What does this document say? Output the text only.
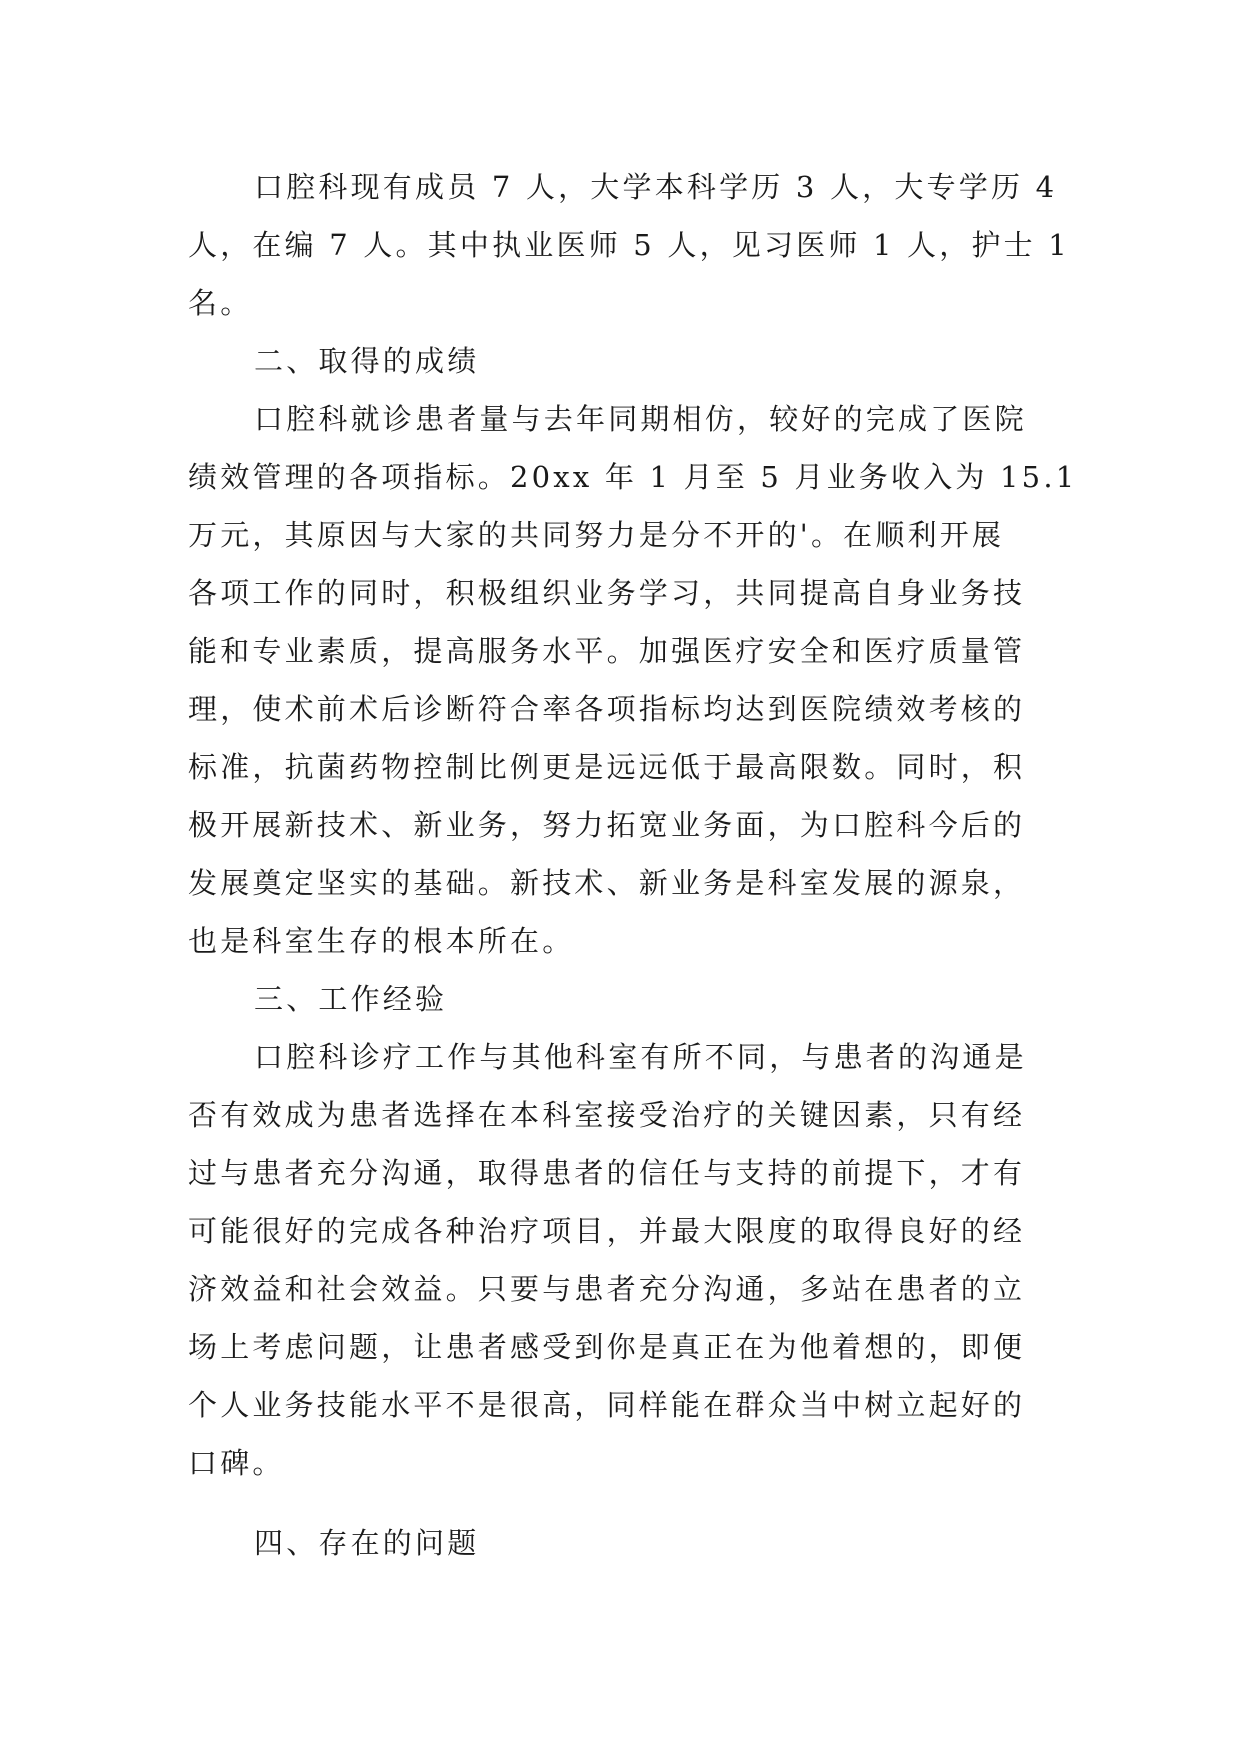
口腔科现有成员 7 人，大学本科学历 3 人，大专学历 4
人，在编 7 人。其中执业医师 5 人，见习医师 1 人，护士 1
名。
二、取得的成绩
口腔科就诊患者量与去年同期相仿，较好的完成了医院
绩效管理的各项指标。20xx 年 1 月至 5 月业务收入为 15.1
万元，其原因与大家的共同努力是分不开的'。在顺利开展
各项工作的同时，积极组织业务学习，共同提高自身业务技
能和专业素质，提高服务水平。加强医疗安全和医疗质量管
理，使术前术后诊断符合率各项指标均达到医院绩效考核的
标准，抗菌药物控制比例更是远远低于最高限数。同时，积
极开展新技术、新业务，努力拓宽业务面，为口腔科今后的
发展奠定坚实的基础。新技术、新业务是科室发展的源泉，
也是科室生存的根本所在。
三、工作经验
口腔科诊疗工作与其他科室有所不同，与患者的沟通是
否有效成为患者选择在本科室接受治疗的关键因素，只有经
过与患者充分沟通，取得患者的信任与支持的前提下，才有
可能很好的完成各种治疗项目，并最大限度的取得良好的经
济效益和社会效益。只要与患者充分沟通，多站在患者的立
场上考虑问题，让患者感受到你是真正在为他着想的，即便
个人业务技能水平不是很高，同样能在群众当中树立起好的
口碑。
四、存在的问题
